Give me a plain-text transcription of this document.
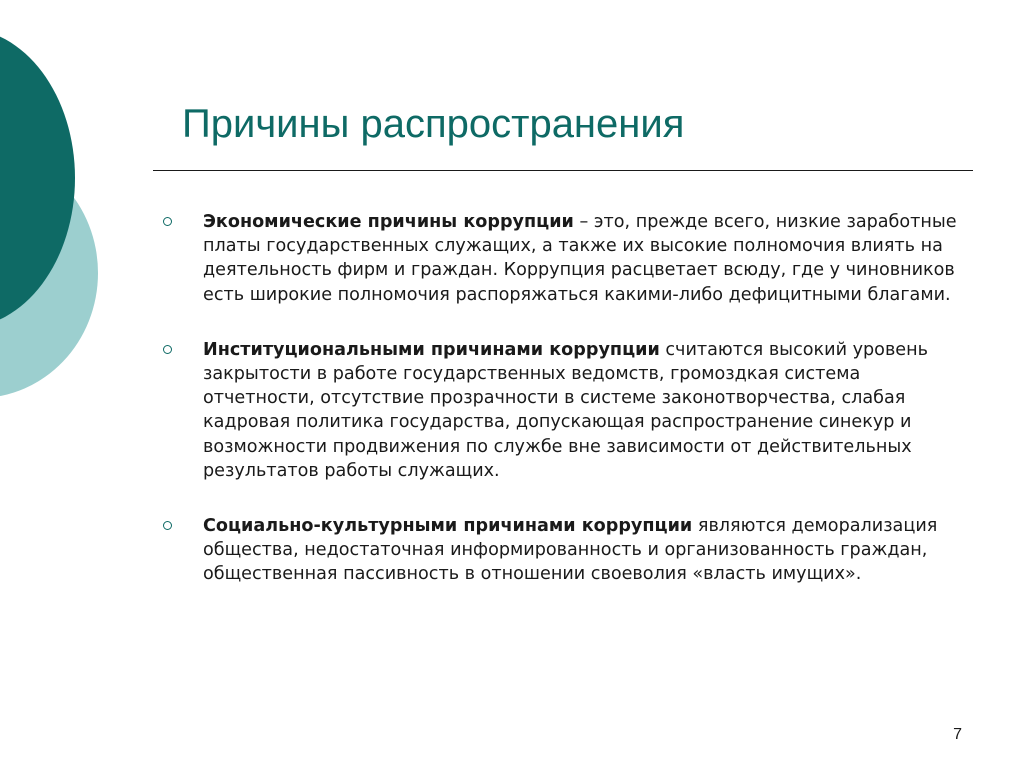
Причины распространения
Экономические причины коррупции – это, прежде всего, низкие заработные платы государственных служащих, а также их высокие полномочия влиять на деятельность фирм и граждан. Коррупция расцветает всюду, где у чиновников есть широкие полномочия распоряжаться какими-либо дефицитными благами.
Институциональными причинами коррупции считаются высокий уровень закрытости в работе государственных ведомств, громоздкая система отчетности, отсутствие прозрачности в системе законотворчества, слабая кадровая политика государства, допускающая распространение синекур и возможности продвижения по службе вне зависимости от действительных результатов работы служащих.
Социально-культурными причинами коррупции являются деморализация общества, недостаточная информированность и организованность граждан, общественная пассивность в отношении своеволия «власть имущих».
7
